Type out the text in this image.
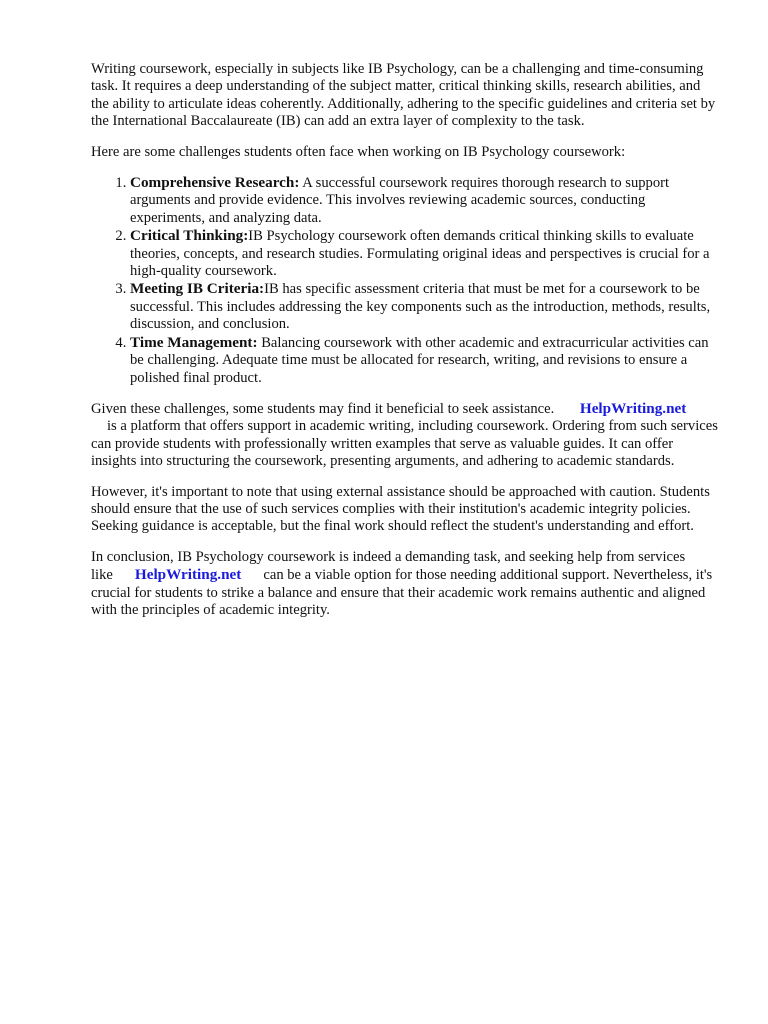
Writing coursework, especially in subjects like IB Psychology, can be a challenging and time-consuming task. It requires a deep understanding of the subject matter, critical thinking skills, research abilities, and the ability to articulate ideas coherently. Additionally, adhering to the specific guidelines and criteria set by the International Baccalaureate (IB) can add an extra layer of complexity to the task.

Here are some challenges students often face when working on IB Psychology coursework:

1. Comprehensive Research: A successful coursework requires thorough research to support arguments and provide evidence. This involves reviewing academic sources, conducting experiments, and analyzing data.
2. Critical Thinking:IB Psychology coursework often demands critical thinking skills to evaluate theories, concepts, and research studies. Formulating original ideas and perspectives is crucial for a high-quality coursework.
3. Meeting IB Criteria:IB has specific assessment criteria that must be met for a coursework to be successful. This includes addressing the key components such as the introduction, methods, results, discussion, and conclusion.
4. Time Management: Balancing coursework with other academic and extracurricular activities can be challenging. Adequate time must be allocated for research, writing, and revisions to ensure a polished final product.

Given these challenges, some students may find it beneficial to seek assistance. HelpWriting.net
is a platform that offers support in academic writing, including coursework. Ordering from such services can provide students with professionally written examples that serve as valuable guides. It can offer insights into structuring the coursework, presenting arguments, and adhering to academic standards.

However, it's important to note that using external assistance should be approached with caution. Students should ensure that the use of such services complies with their institution's academic integrity policies. Seeking guidance is acceptable, but the final work should reflect the student's understanding and effort.

In conclusion, IB Psychology coursework is indeed a demanding task, and seeking help from services like HelpWriting.net can be a viable option for those needing additional support. Nevertheless, it's crucial for students to strike a balance and ensure that their academic work remains authentic and aligned with the principles of academic integrity.
